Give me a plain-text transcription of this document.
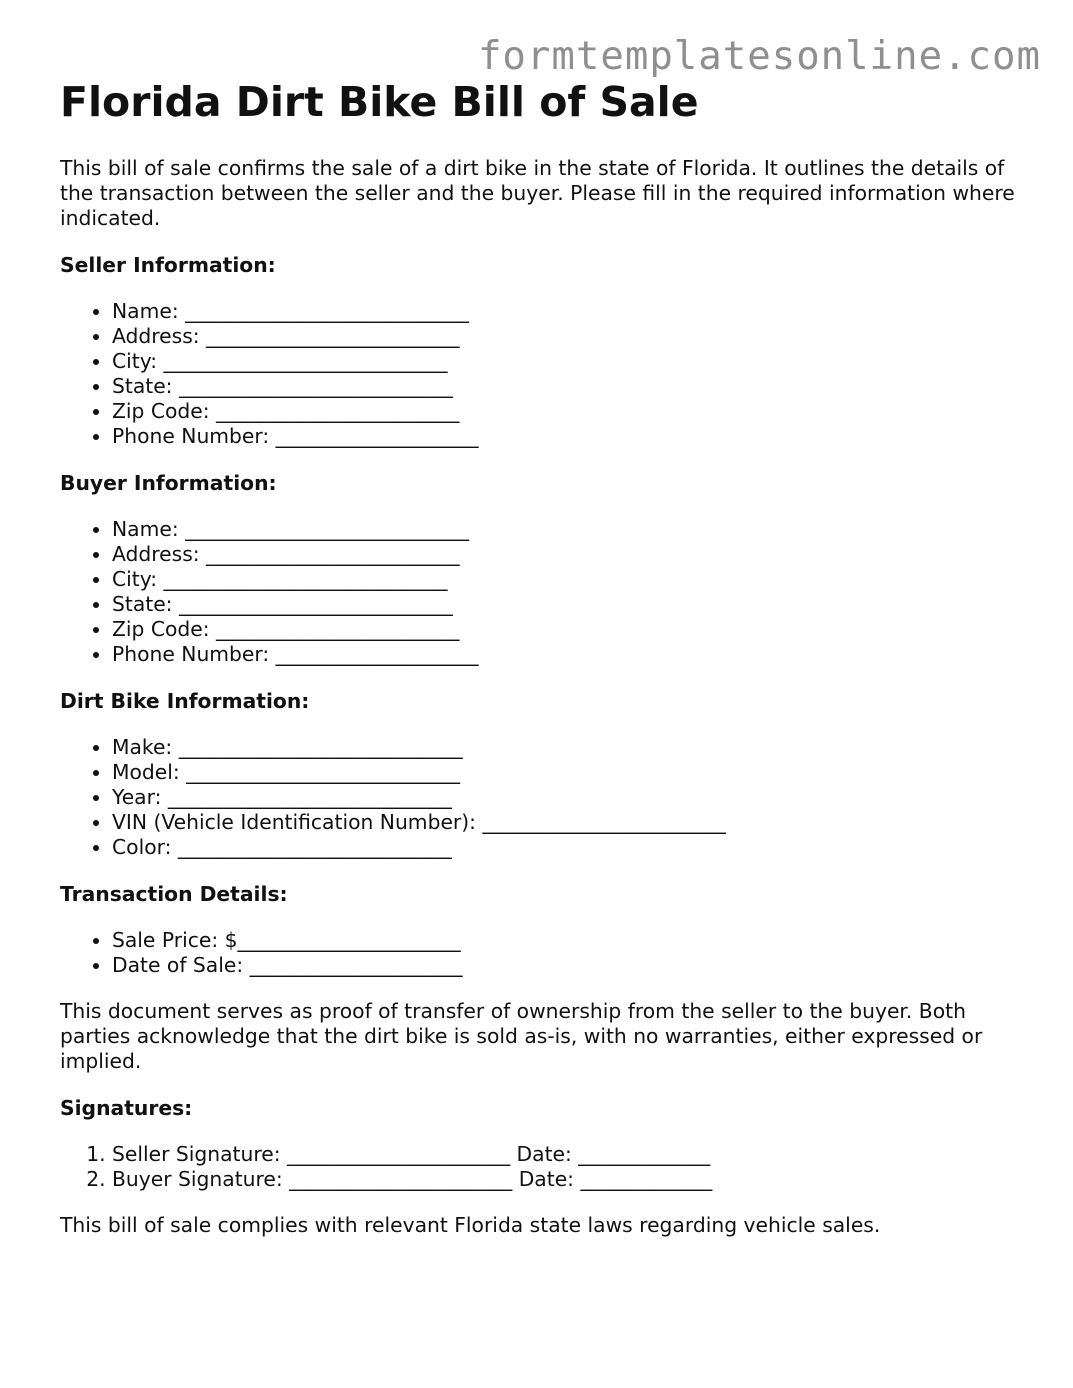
formtemplatesonline.com
Florida Dirt Bike Bill of Sale

This bill of sale confirms the sale of a dirt bike in the state of Florida. It outlines the details of the transaction between the seller and the buyer. Please fill in the required information where indicated.

Seller Information:
• Name: ____________________________
• Address: _________________________
• City: ____________________________
• State: ___________________________
• Zip Code: ________________________
• Phone Number: ____________________
Buyer Information:
• Name: ____________________________
• Address: _________________________
• City: ____________________________
• State: ___________________________
• Zip Code: ________________________
• Phone Number: ____________________
Dirt Bike Information:
• Make: ____________________________
• Model: ___________________________
• Year: ____________________________
• VIN (Vehicle Identification Number): ________________________
• Color: ___________________________
Transaction Details:
• Sale Price: $______________________
• Date of Sale: _____________________

This document serves as proof of transfer of ownership from the seller to the buyer. Both parties acknowledge that the dirt bike is sold as-is, with no warranties, either expressed or implied.

Signatures:
1. Seller Signature: ______________________ Date: _____________
2. Buyer Signature: ______________________ Date: _____________

This bill of sale complies with relevant Florida state laws regarding vehicle sales.
